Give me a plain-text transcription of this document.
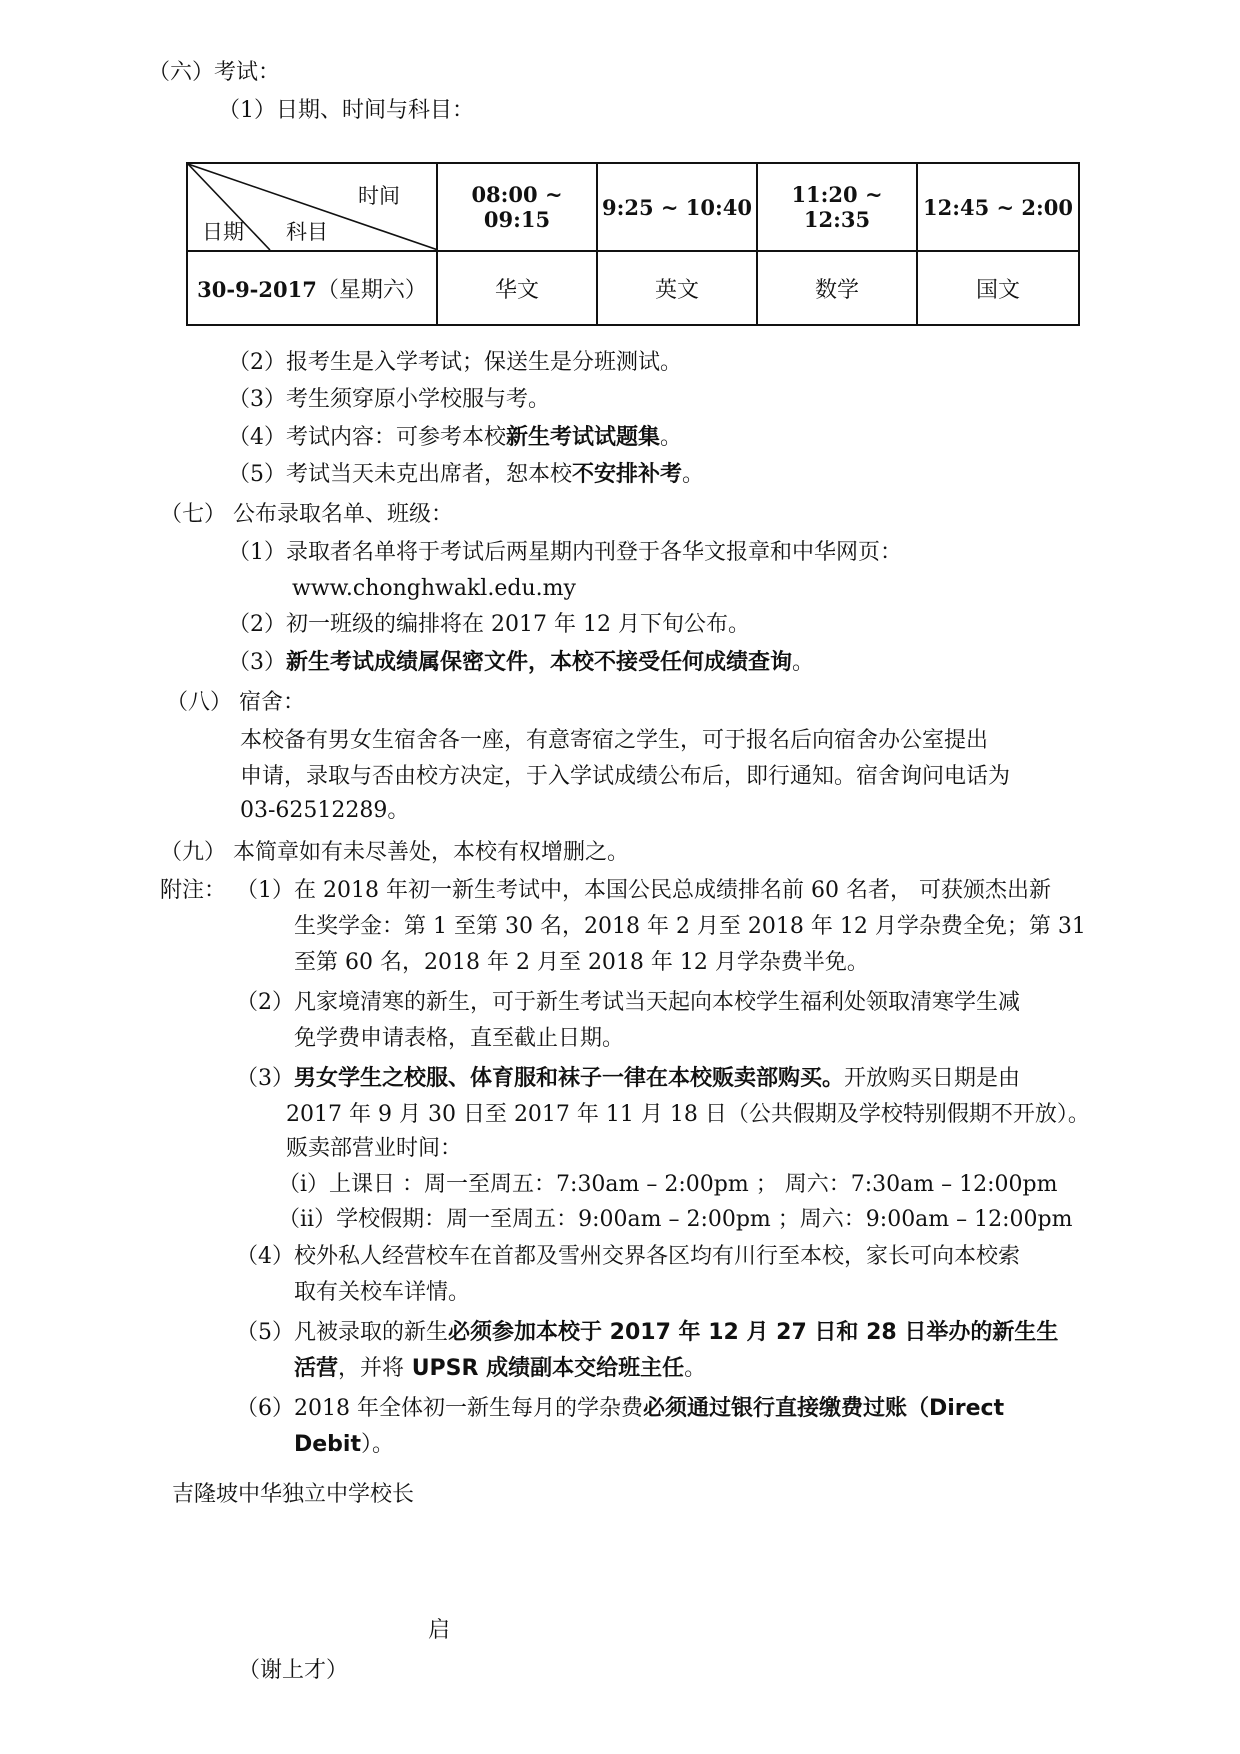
（六）考试：
（1）日期、时间与科目：
时间
日期 科目	08:00 ~ 09:15	9:25 ~ 10:40	11:20 ~ 12:35	12:45 ~ 2:00
30-9-2017（星期六）	华文	英文	数学	国文
（2）报考生是入学考试；保送生是分班测试。
（3）考生须穿原小学校服与考。
（4）考试内容：可参考本校新生考试试题集。
（5）考试当天未克出席者，恕本校不安排补考。
（七） 公布录取名单、班级：
（1）录取者名单将于考试后两星期内刊登于各华文报章和中华网页：
www.chonghwakl.edu.my
（2）初一班级的编排将在 2017 年 12 月下旬公布。
（3）新生考试成绩属保密文件，本校不接受任何成绩查询。
（八） 宿舍：
本校备有男女生宿舍各一座，有意寄宿之学生，可于报名后向宿舍办公室提出
申请，录取与否由校方决定，于入学试成绩公布后，即行通知。宿舍询问电话为
03-62512289。
（九） 本简章如有未尽善处，本校有权增删之。
附注： （1）在 2018 年初一新生考试中，本国公民总成绩排名前 60 名者， 可获颁杰出新
生奖学金：第 1 至第 30 名，2018 年 2 月至 2018 年 12 月学杂费全免；第 31
至第 60 名，2018 年 2 月至 2018 年 12 月学杂费半免。
（2）凡家境清寒的新生，可于新生考试当天起向本校学生福利处领取清寒学生减
免学费申请表格，直至截止日期。
（3）男女学生之校服、体育服和袜子一律在本校贩卖部购买。开放购买日期是由
2017 年 9 月 30 日至 2017 年 11 月 18 日（公共假期及学校特别假期不开放）。
贩卖部营业时间：
（i）上课日 ：周一至周五：7:30am – 2:00pm ； 周六：7:30am – 12:00pm
（ii）学校假期：周一至周五：9:00am – 2:00pm ；周六：9:00am – 12:00pm
（4）校外私人经营校车在首都及雪州交界各区均有川行至本校，家长可向本校索
取有关校车详情。
（5）凡被录取的新生必须参加本校于 2017 年 12 月 27 日和 28 日举办的新生生
活营，并将 UPSR 成绩副本交给班主任。
（6）2018 年全体初一新生每月的学杂费必须通过银行直接缴费过账（Direct
Debit）。
吉隆坡中华独立中学校长
启
（谢上才）
